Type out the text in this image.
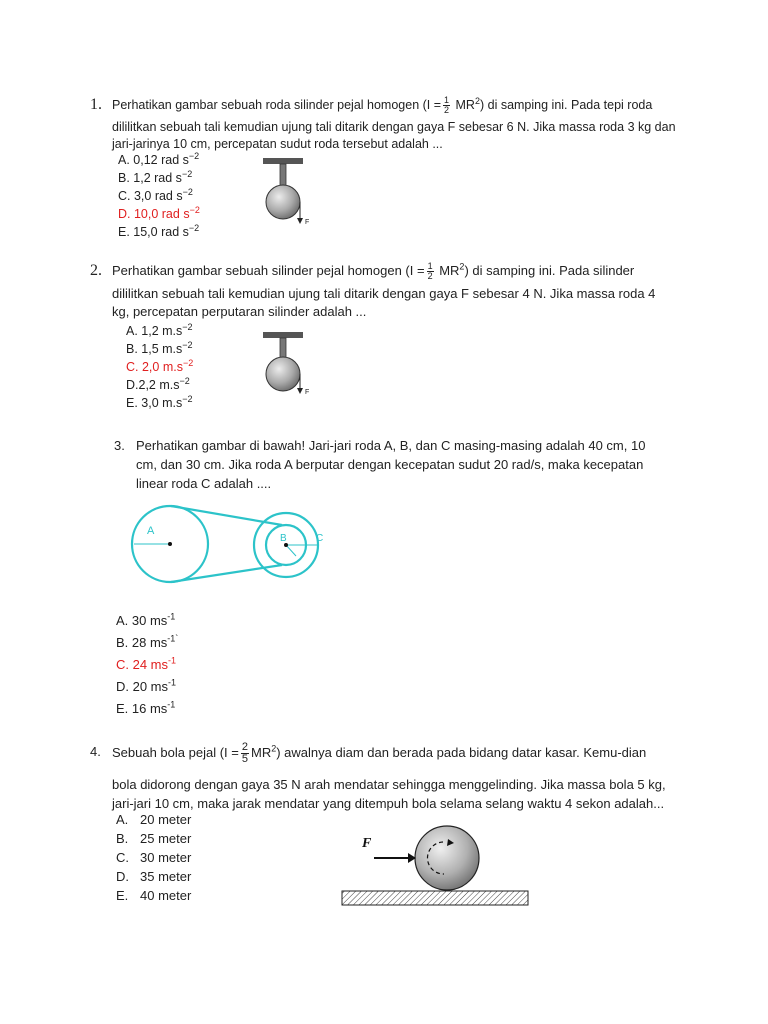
1. Perhatikan gambar sebuah roda silinder pejal homogen $(I = \frac{1}{2} MR^2)$ di samping ini. Pada tepi roda
dililitkan sebuah tali kemudian ujung tali ditarik dengan gaya F sebesar 6 N. Jika massa roda 3 kg dan
jari-jarinya 10 cm, percepatan sudut roda tersebut adalah ...
A. 0,12 rad $s^{-2}$
B. 1,2 rad $s^{-2}$
C. 3,0 rad $s^{-2}$
D. 10,0 rad $s^{-2}$
E. 15,0 rad $s^{-2}$
F
2. Perhatikan gambar sebuah silinder pejal homogen $(I = \frac{1}{2} MR^2)$ di samping ini. Pada silinder
dililitkan sebuah tali kemudian ujung tali ditarik dengan gaya F sebesar 4 N. Jika massa roda 4
kg, percepatan perputaran silinder adalah ...
A. 1,2 $m.s^{-2}$
B. 1,5 $m.s^{-2}$
C. 2,0 $m.s^{-2}$
D.2,2 $m.s^{-2}$
E. 3,0 $m.s^{-2}$
F
3. Perhatikan gambar di bawah! Jari-jari roda A, B, dan C masing-masing adalah 40 cm, 10
cm, dan 30 cm. Jika roda A berputar dengan kecepatan sudut 20 rad/s, maka kecepatan
linear roda C adalah ....
A
B	C
A. 30 $ms^{-1}$
B. 28 $ms^{-1`}$
C. 24 $ms^{-1}$
D. 20 $ms^{-1}$
E. 16 $ms^{-1}$
4. Sebuah bola pejal $(I = \frac{2}{5} MR^2)$ awalnya diam dan berada pada bidang datar kasar. Kemu-dian
bola didorong dengan gaya 35 N arah mendatar sehingga menggelinding. Jika massa bola 5 kg,
jari-jari 10 cm, maka jarak mendatar yang ditempuh bola selama selang waktu 4 sekon adalah...
A. 20 meter
B. 25 meter
C. 30 meter
D. 35 meter
E. 40 meter
F
